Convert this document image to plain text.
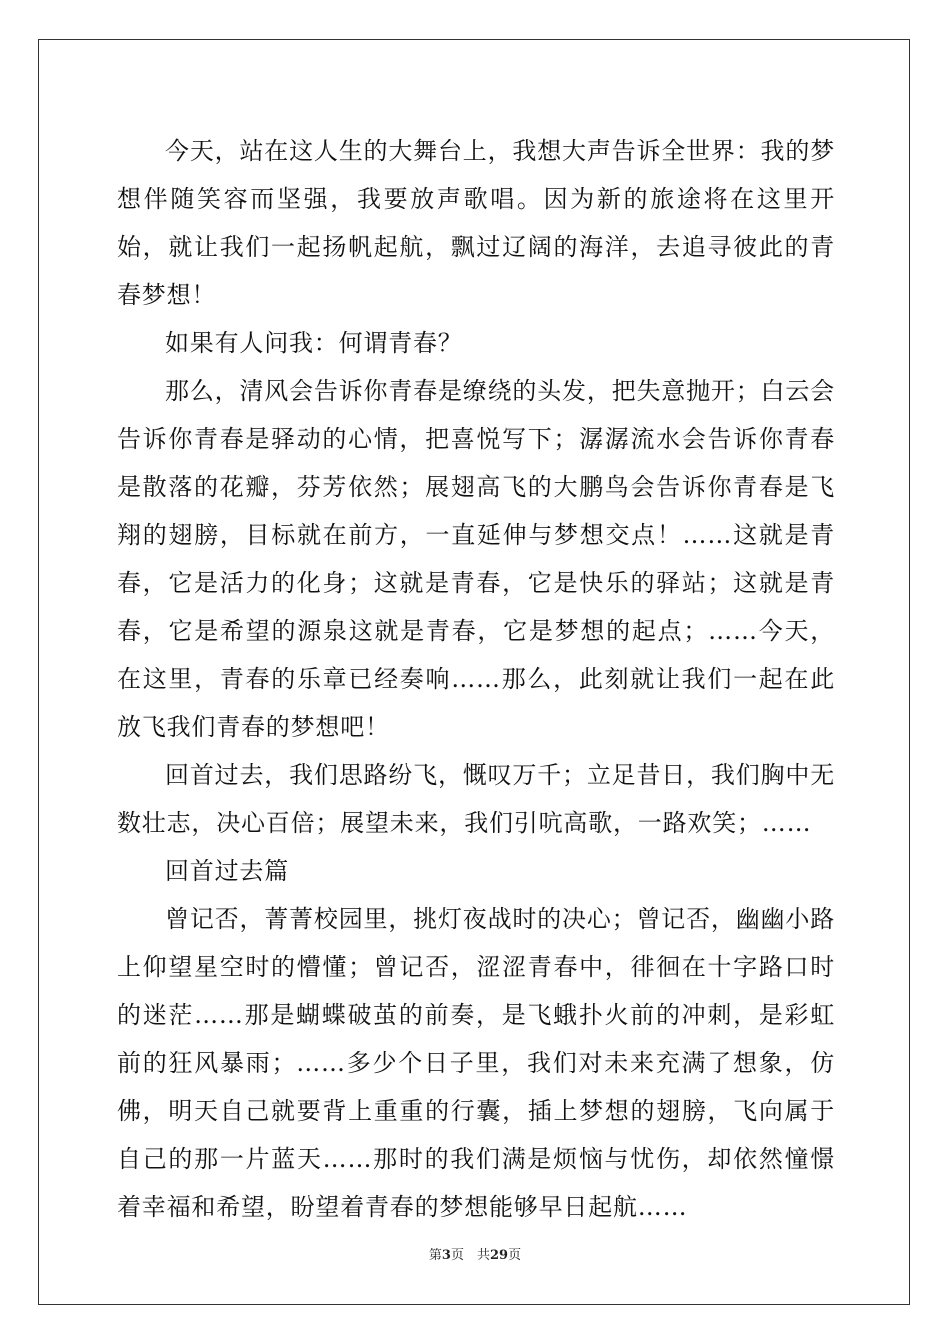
今天，站在这人生的大舞台上，我想大声告诉全世界：我的梦想伴随笑容而坚强，我要放声歌唱。因为新的旅途将在这里开始，就让我们一起扬帆起航，飘过辽阔的海洋，去追寻彼此的青春梦想！

如果有人问我：何谓青春？

那么，清风会告诉你青春是缭绕的头发，把失意抛开；白云会告诉你青春是驿动的心情，把喜悦写下；潺潺流水会告诉你青春是散落的花瓣，芬芳依然；展翅高飞的大鹏鸟会告诉你青春是飞翔的翅膀，目标就在前方，一直延伸与梦想交点！……这就是青春，它是活力的化身；这就是青春，它是快乐的驿站；这就是青春，它是希望的源泉这就是青春，它是梦想的起点；……今天，在这里，青春的乐章已经奏响……那么，此刻就让我们一起在此放飞我们青春的梦想吧！

回首过去，我们思路纷飞，慨叹万千；立足昔日，我们胸中无数壮志，决心百倍；展望未来，我们引吭高歌，一路欢笑；……

回首过去篇

曾记否，菁菁校园里，挑灯夜战时的决心；曾记否，幽幽小路上仰望星空时的懵懂；曾记否，涩涩青春中，徘徊在十字路口时的迷茫……那是蝴蝶破茧的前奏，是飞蛾扑火前的冲刺，是彩虹前的狂风暴雨；……多少个日子里，我们对未来充满了想象，仿佛，明天自己就要背上重重的行囊，插上梦想的翅膀，飞向属于自己的那一片蓝天……那时的我们满是烦恼与忧伤，却依然憧憬着幸福和希望，盼望着青春的梦想能够早日起航……

第3页　共29页
